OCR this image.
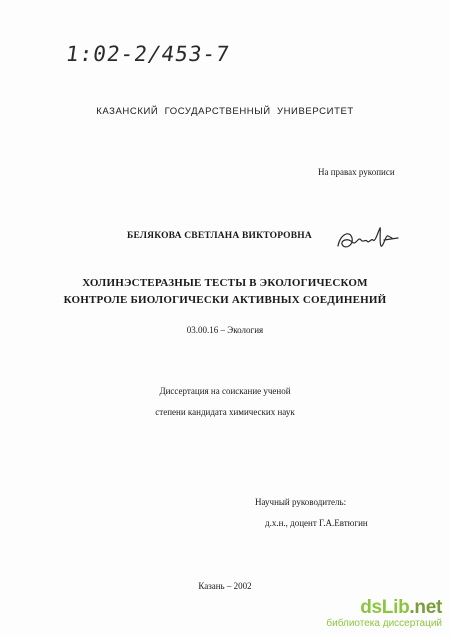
1:02-2/453-7
КАЗАНСКИЙ ГОСУДАРСТВЕННЫЙ УНИВЕРСИТЕТ
На правах рукописи
БЕЛЯКОВА СВЕТЛАНА ВИКТОРОВНА
ХОЛИНЭСТЕРАЗНЫЕ ТЕСТЫ В ЭКОЛОГИЧЕСКОМ
КОНТРОЛЕ БИОЛОГИЧЕСКИ АКТИВНЫХ СОЕДИНЕНИЙ
03.00.16 – Экология
Диссертация на соискание ученой
степени кандидата химических наук
Научный руководитель:
д.х.н., доцент Г.А.Евтюгин
Казань – 2002
dsLib.net
библиотека диссертаций
